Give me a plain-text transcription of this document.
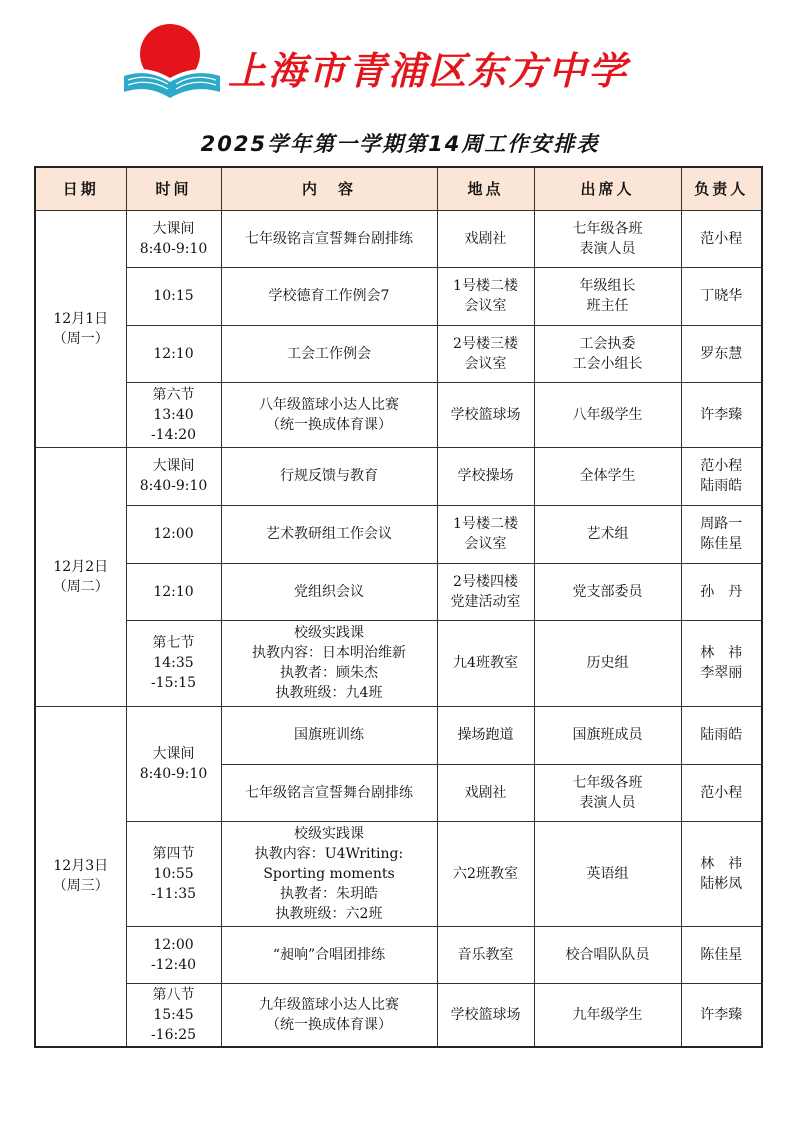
上海市青浦区东方中学
2025学年第一学期第14周工作安排表
日期	时间	内　容	地点	出席人	负责人

12月1日
（周一）	大课间
8:40-9:10	七年级铭言宣誓舞台剧排练	戏剧社	七年级各班
表演人员	范小程

	10:15	学校德育工作例会7	1号楼二楼
会议室	年级组长
班主任	丁晓华

	12:10	工会工作例会	2号楼三楼
会议室	工会执委
工会小组长	罗东慧

	第六节
13:40
-14:20	八年级篮球小达人比赛
（统一换成体育课）	学校篮球场	八年级学生	许李臻

12月2日
（周二）	大课间
8:40-9:10	行规反馈与教育	学校操场	全体学生	范小程
陆雨皓

	12:00	艺术教研组工作会议	1号楼二楼
会议室	艺术组	周路一
陈佳星

	12:10	党组织会议	2号楼四楼
党建活动室	党支部委员	孙　丹

	第七节
14:35
-15:15	校级实践课
执教内容：日本明治维新
执教者：顾朱杰
执教班级：九4班	九4班教室	历史组	林　祎
李翠丽

12月3日
（周三）	大课间
8:40-9:10	国旗班训练	操场跑道	国旗班成员	陆雨皓

		七年级铭言宣誓舞台剧排练	戏剧社	七年级各班
表演人员	范小程

	第四节
10:55
-11:35	校级实践课
执教内容：U4Writing:
Sporting moments
执教者：朱玥皓
执教班级：六2班	六2班教室	英语组	林　祎
陆彬凤

	12:00
-12:40	“昶响”合唱团排练	音乐教室	校合唱队队员	陈佳星

	第八节
15:45
-16:25	九年级篮球小达人比赛
（统一换成体育课）	学校篮球场	九年级学生	许李臻
